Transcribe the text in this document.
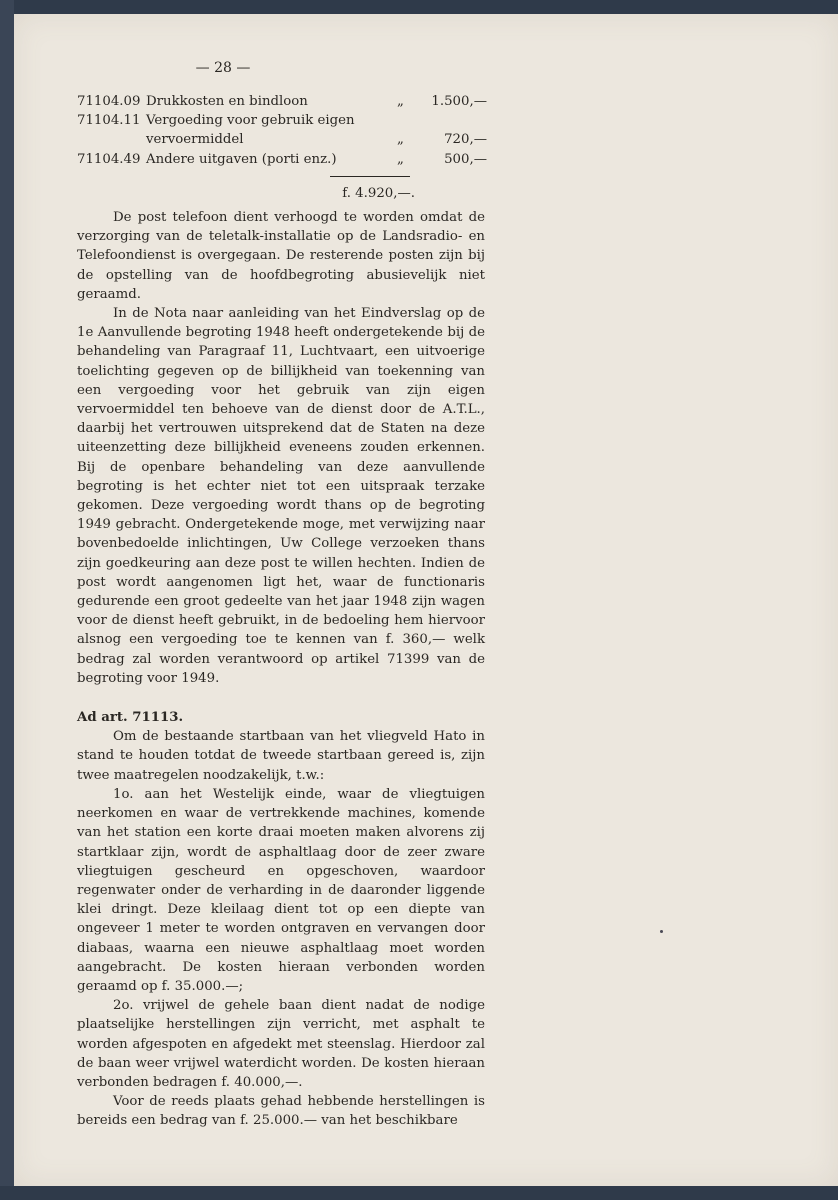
— 28 —
71104.09 Drukkosten en bindloon	„ 1.500,—
71104.11 Vergoeding voor gebruik eigen
vervoermiddel	„	720,—
71104.49 Andere uitgaven (porti enz.)	„	500,—
f. 4.920,—.

De post telefoon dient verhoogd te worden omdat de verzorging van de teletalk-installatie op de Landsradio- en Telefoondienst is overgegaan. De resterende posten zijn bij de opstelling van de hoofdbegroting abusievelijk niet geraamd.

In de Nota naar aanleiding van het Eindverslag op de 1e Aanvullende begroting 1948 heeft ondergetekende bij de behandeling van Paragraaf 11, Luchtvaart, een uitvoerige toelichting gegeven op de billijkheid van toekenning van een vergoeding voor het gebruik van zijn eigen vervoermiddel ten behoeve van de dienst door de A.T.L., daarbij het vertrouwen uitsprekend dat de Staten na deze uiteenzetting deze billijkheid eveneens zouden erkennen. Bij de openbare behandeling van deze aanvullende begroting is het echter niet tot een uitspraak terzake gekomen. Deze vergoeding wordt thans op de begroting 1949 gebracht. Ondergetekende moge, met verwijzing naar bovenbedoelde inlichtingen, Uw College verzoeken thans zijn goedkeuring aan deze post te willen hechten. Indien de post wordt aangenomen ligt het, waar de functionaris gedurende een groot gedeelte van het jaar 1948 zijn wagen voor de dienst heeft gebruikt, in de bedoeling hem hiervoor alsnog een vergoeding toe te kennen van f. 360,— welk bedrag zal worden verantwoord op artikel 71399 van de begroting voor 1949.

Ad art. 71113.

Om de bestaande startbaan van het vliegveld Hato in stand te houden totdat de tweede startbaan gereed is, zijn twee maatregelen noodzakelijk, t.w.:

1o. aan het Westelijk einde, waar de vliegtuigen neerkomen en waar de vertrekkende machines, komende van het station een korte draai moeten maken alvorens zij startklaar zijn, wordt de asphaltlaag door de zeer zware vliegtuigen gescheurd en opgeschoven, waardoor regenwater onder de verharding in de daaronder liggende klei dringt. Deze kleilaag dient tot op een diepte van ongeveer 1 meter te worden ontgraven en vervangen door diabaas, waarna een nieuwe asphaltlaag moet worden aangebracht. De kosten hieraan verbonden worden geraamd op f. 35.000.—;

2o. vrijwel de gehele baan dient nadat de nodige plaatselijke herstellingen zijn verricht, met asphalt te worden afgespoten en afgedekt met steenslag. Hierdoor zal de baan weer vrijwel waterdicht worden. De kosten hieraan verbonden bedragen f. 40.000,—.

Voor de reeds plaats gehad hebbende herstellingen is bereids een bedrag van f. 25.000.— van het beschikbare
